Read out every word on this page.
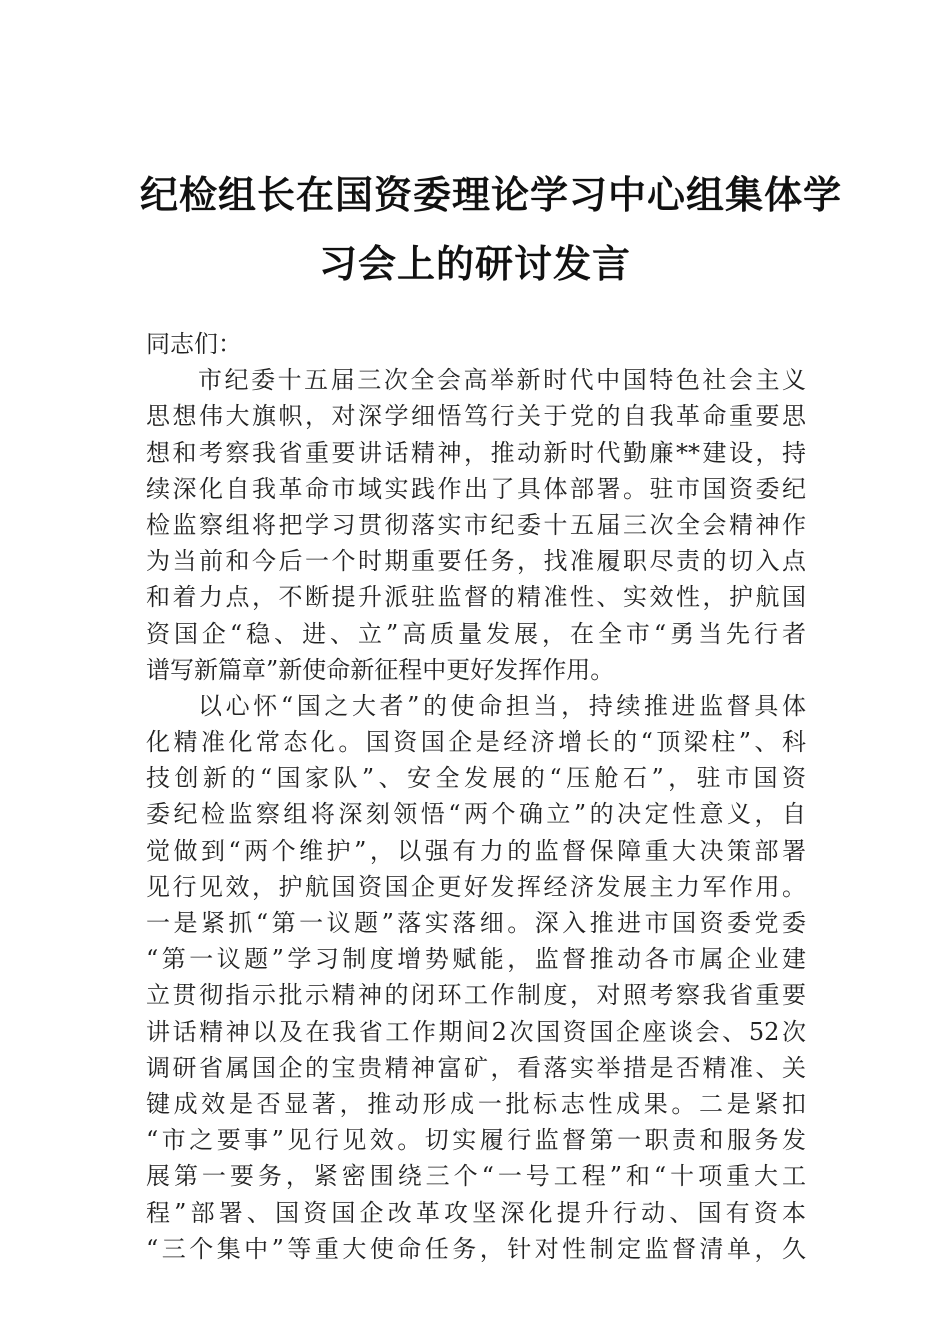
纪检组长在国资委理论学习中心组集体学
习会上的研讨发言
同志们：
市纪委十五届三次全会高举新时代中国特色社会主义
思想伟大旗帜，对深学细悟笃行关于党的自我革命重要思
想和考察我省重要讲话精神，推动新时代勤廉**建设，持
续深化自我革命市域实践作出了具体部署。驻市国资委纪
检监察组将把学习贯彻落实市纪委十五届三次全会精神作
为当前和今后一个时期重要任务，找准履职尽责的切入点
和着力点，不断提升派驻监督的精准性、实效性，护航国
资国企“稳、进、立”高质量发展，在全市“勇当先行者
谱写新篇章”新使命新征程中更好发挥作用。
以心怀“国之大者”的使命担当，持续推进监督具体
化精准化常态化。国资国企是经济增长的“顶梁柱”、科
技创新的“国家队”、安全发展的“压舱石”，驻市国资
委纪检监察组将深刻领悟“两个确立”的决定性意义，自
觉做到“两个维护”，以强有力的监督保障重大决策部署
见行见效，护航国资国企更好发挥经济发展主力军作用。
一是紧抓“第一议题”落实落细。深入推进市国资委党委
“第一议题”学习制度增势赋能，监督推动各市属企业建
立贯彻指示批示精神的闭环工作制度，对照考察我省重要
讲话精神以及在我省工作期间2次国资国企座谈会、52次
调研省属国企的宝贵精神富矿，看落实举措是否精准、关
键成效是否显著，推动形成一批标志性成果。二是紧扣
“市之要事”见行见效。切实履行监督第一职责和服务发
展第一要务，紧密围绕三个“一号工程”和“十项重大工
程”部署、国资国企改革攻坚深化提升行动、国有资本
“三个集中”等重大使命任务，针对性制定监督清单，久
